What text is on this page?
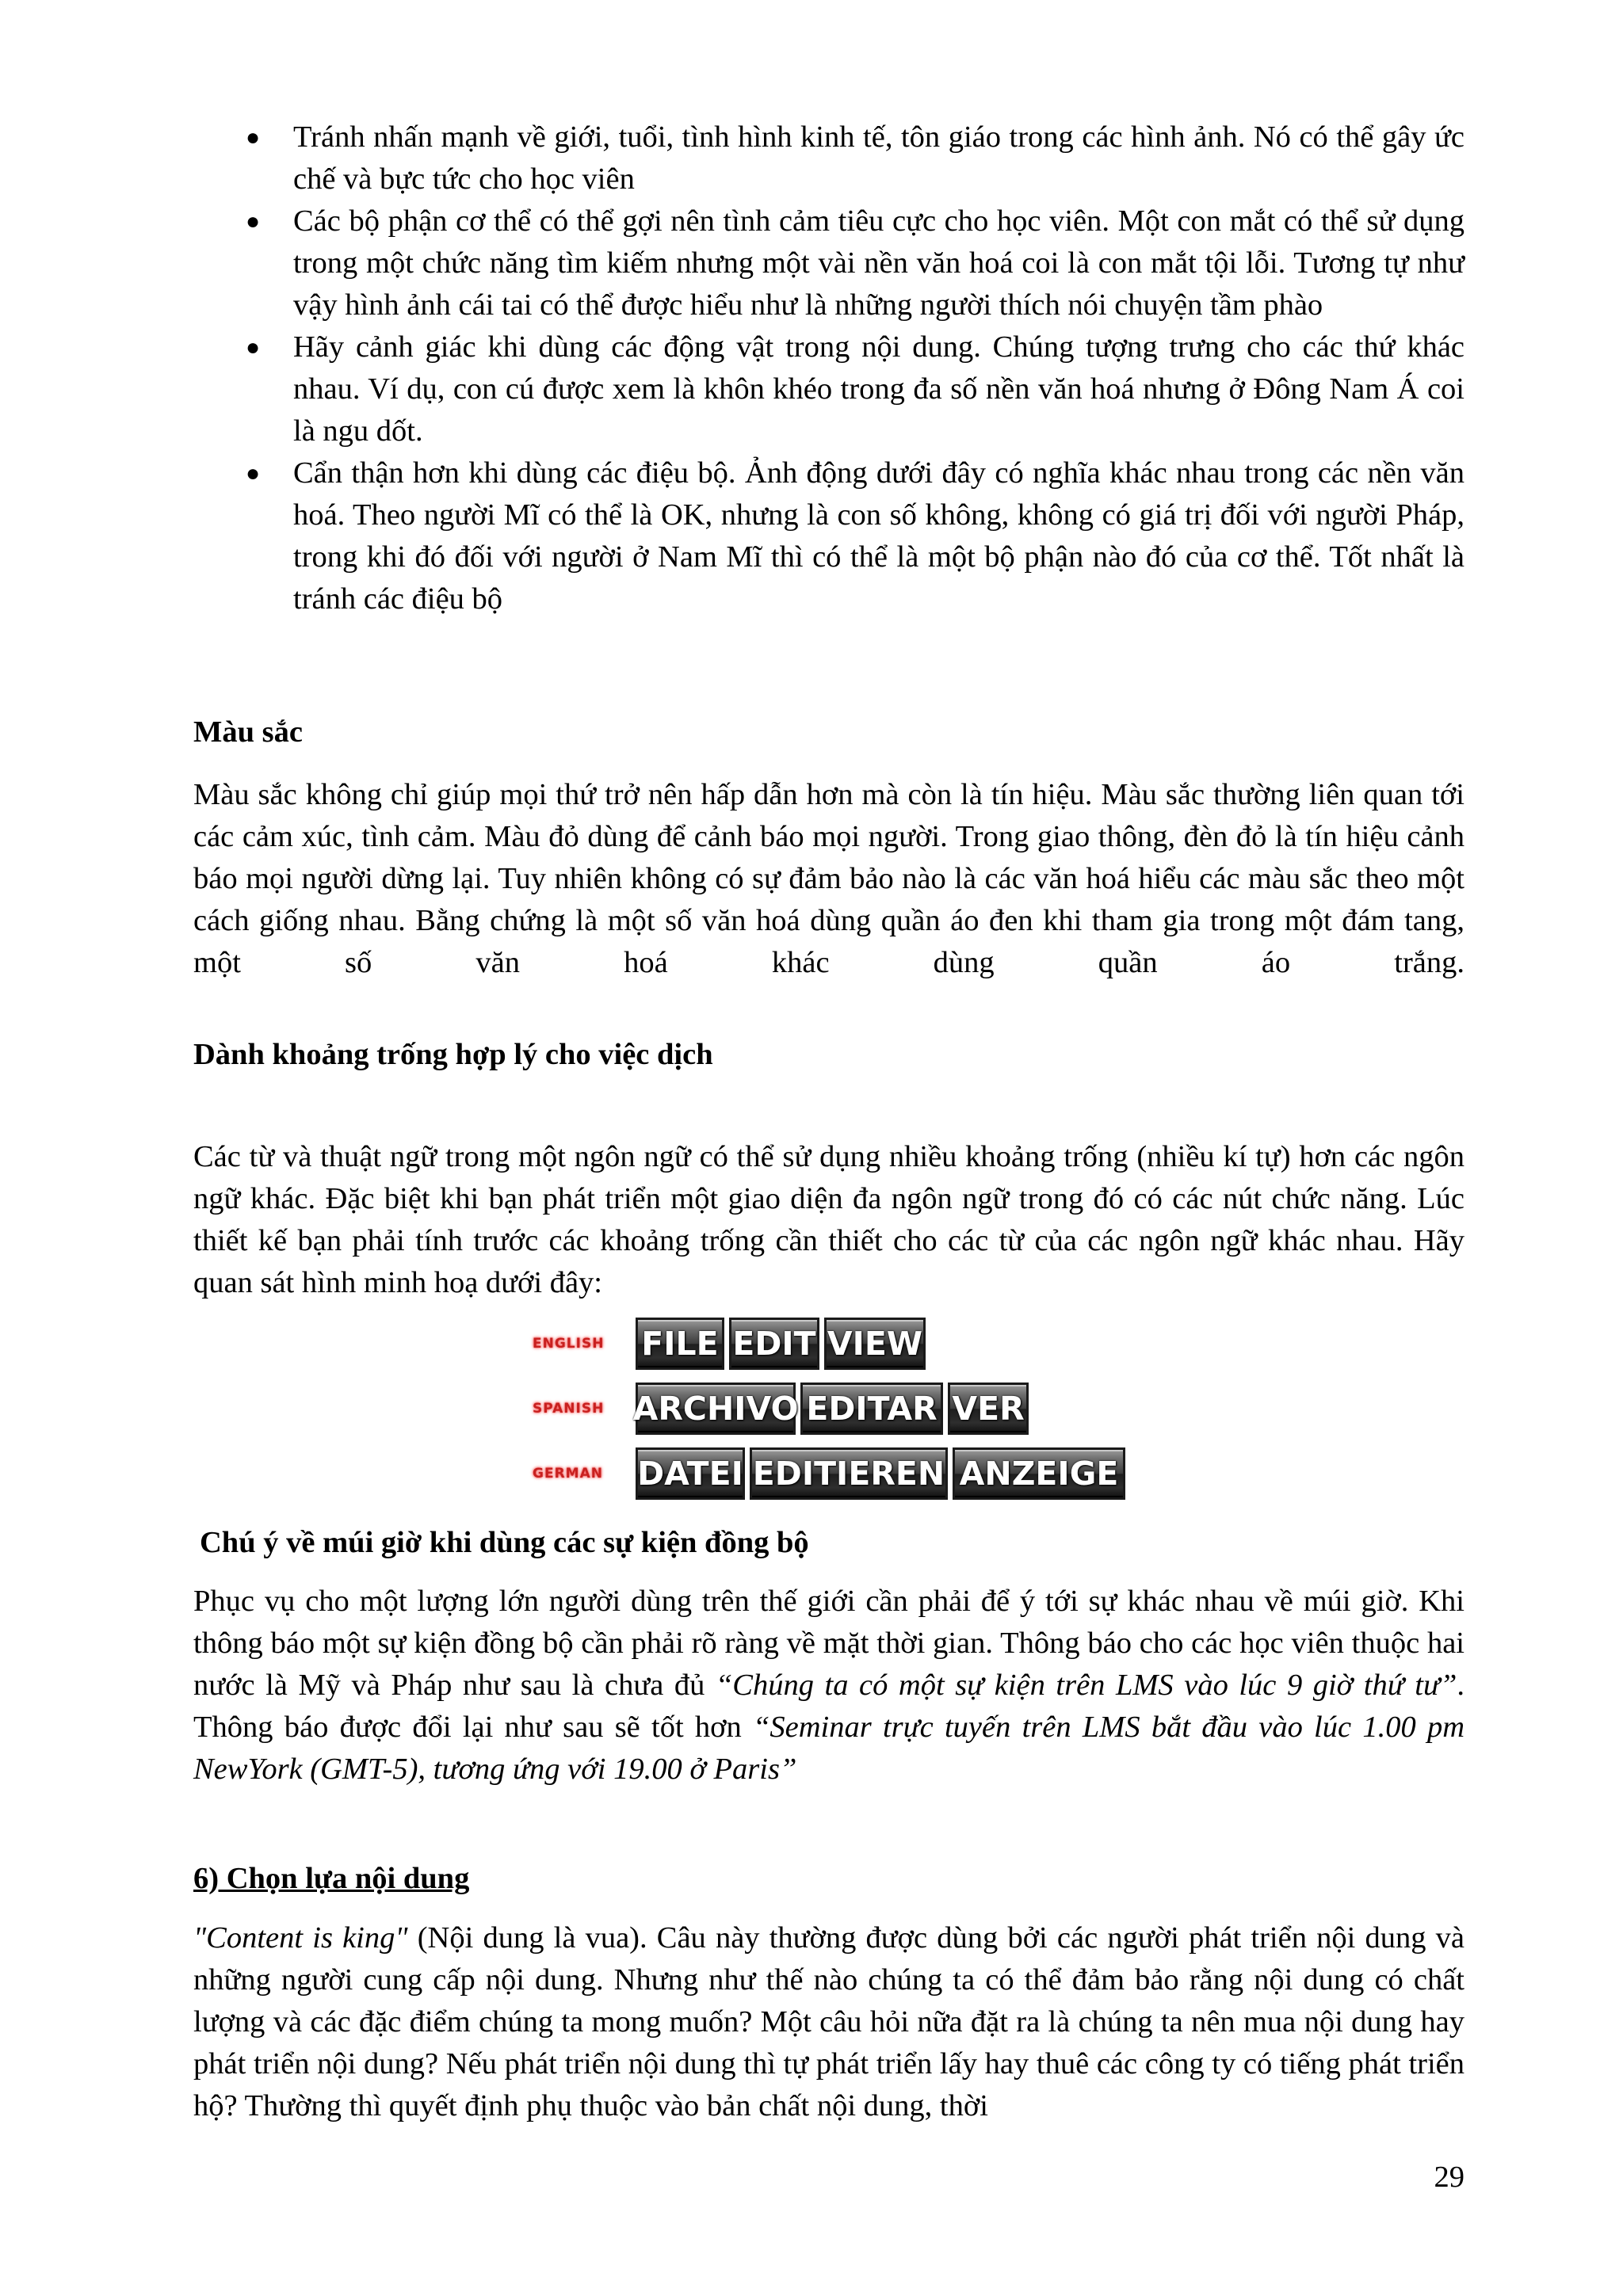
● Tránh nhấn mạnh về giới, tuổi, tình hình kinh tế, tôn giáo trong các hình ảnh. Nó có thể gây ức chế và bực tức cho học viên
● Các bộ phận cơ thể có thể gợi nên tình cảm tiêu cực cho học viên. Một con mắt có thể sử dụng trong một chức năng tìm kiếm nhưng một vài nền văn hoá coi là con mắt tội lỗi. Tương tự như vậy hình ảnh cái tai có thể được hiểu như là những người thích nói chuyện tầm phào
● Hãy cảnh giác khi dùng các động vật trong nội dung. Chúng tượng trưng cho các thứ khác nhau. Ví dụ, con cú được xem là khôn khéo trong đa số nền văn hoá nhưng ở Đông Nam Á coi là ngu dốt.
● Cẩn thận hơn khi dùng các điệu bộ. Ảnh động dưới đây có nghĩa khác nhau trong các nền văn hoá. Theo người Mĩ có thể là OK, nhưng là con số không, không có giá trị đối với người Pháp, trong khi đó đối với người ở Nam Mĩ thì có thể là một bộ phận nào đó của cơ thể. Tốt nhất là tránh các điệu bộ
Màu sắc
Màu sắc không chỉ giúp mọi thứ trở nên hấp dẫn hơn mà còn là tín hiệu. Màu sắc thường liên quan tới các cảm xúc, tình cảm. Màu đỏ dùng để cảnh báo mọi người. Trong giao thông, đèn đỏ là tín hiệu cảnh báo mọi người dừng lại. Tuy nhiên không có sự đảm bảo nào là các văn hoá hiểu các màu sắc theo một cách giống nhau. Bằng chứng là một số văn hoá dùng quần áo đen khi tham gia trong một đám tang, một số văn hoá khác dùng quần áo trắng.
Dành khoảng trống hợp lý cho việc dịch
Các từ và thuật ngữ trong một ngôn ngữ có thể sử dụng nhiều khoảng trống (nhiều kí tự) hơn các ngôn ngữ khác. Đặc biệt khi bạn phát triển một giao diện đa ngôn ngữ trong đó có các nút chức năng. Lúc thiết kế bạn phải tính trước các khoảng trống cần thiết cho các từ của các ngôn ngữ khác nhau. Hãy quan sát hình minh hoạ dưới đây:
ENGLISH	FILE EDIT VIEW
SPANISH ARCHIVO EDITAR VER
GERMAN	DATEI EDITIEREN ANZEIGE
Chú ý về múi giờ khi dùng các sự kiện đồng bộ
Phục vụ cho một lượng lớn người dùng trên thế giới cần phải để ý tới sự khác nhau về múi giờ. Khi thông báo một sự kiện đồng bộ cần phải rõ ràng về mặt thời gian. Thông báo cho các học viên thuộc hai nước là Mỹ và Pháp như sau là chưa đủ “Chúng ta có một sự kiện trên LMS vào lúc 9 giờ thứ tư”. Thông báo được đổi lại như sau sẽ tốt hơn “Seminar trực tuyến trên LMS bắt đầu vào lúc 1.00 pm NewYork (GMT-5), tương ứng với 19.00 ở Paris”
6) Chọn lựa nội dung
"Content is king" (Nội dung là vua). Câu này thường được dùng bởi các người phát triển nội dung và những người cung cấp nội dung. Nhưng như thế nào chúng ta có thể đảm bảo rằng nội dung có chất lượng và các đặc điểm chúng ta mong muốn? Một câu hỏi nữa đặt ra là chúng ta nên mua nội dung hay phát triển nội dung? Nếu phát triển nội dung thì tự phát triển lấy hay thuê các công ty có tiếng phát triển hộ? Thường thì quyết định phụ thuộc vào bản chất nội dung, thời
29
